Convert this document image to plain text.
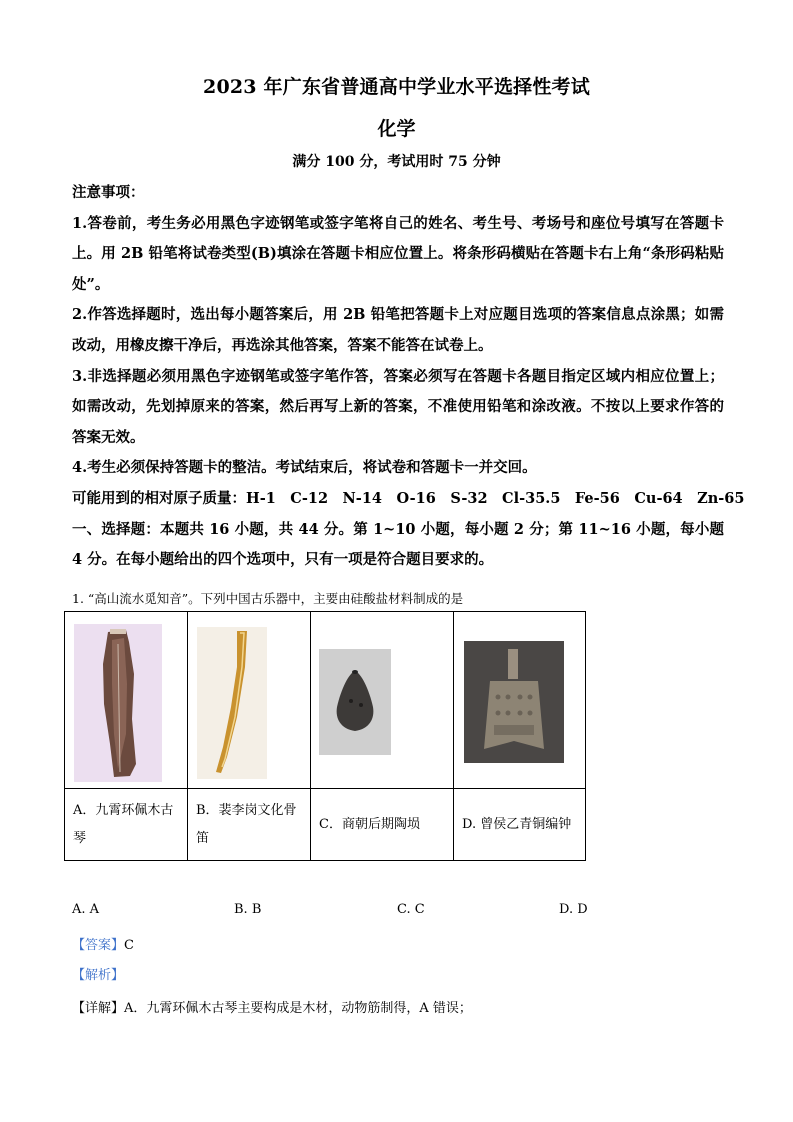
2023 年广东省普通高中学业水平选择性考试
化学
满分 100 分，考试用时 75 分钟

注意事项：

1.答卷前，考生务必用黑色字迹钢笔或签字笔将自己的姓名、考生号、考场号和座位号填写在答题卡上。用 2B 铅笔将试卷类型(B)填涂在答题卡相应位置上。将条形码横贴在答题卡右上角“条形码粘贴处”。

2.作答选择题时，选出每小题答案后，用 2B 铅笔把答题卡上对应题目选项的答案信息点涂黑；如需改动，用橡皮擦干净后，再选涂其他答案，答案不能答在试卷上。

3.非选择题必须用黑色字迹钢笔或签字笔作答，答案必须写在答题卡各题目指定区域内相应位置上；如需改动，先划掉原来的答案，然后再写上新的答案，不准使用铅笔和涂改液。不按以上要求作答的答案无效。

4.考生必须保持答题卡的整洁。考试结束后，将试卷和答题卡一并交回。

可能用到的相对原子质量：H-1　C-12　N-14　O-16　S-32　Cl-35.5　Fe-56　Cu-64　Zn-65

一、选择题：本题共 16 小题，共 44 分。第 1~10 小题，每小题 2 分；第 11~16 小题，每小题 4 分。在每小题给出的四个选项中，只有一项是符合题目要求的。

1. “高山流水觅知音”。下列中国古乐器中，主要由硅酸盐材料制成的是

A．九霄环佩木古琴	B．裴李岗文化骨笛	C．商朝后期陶埙	D. 曾侯乙青铜编钟
A. A	B. B	C. C	D. D
【答案】C
【解析】
【详解】A．九霄环佩木古琴主要构成是木材，动物筋制得，A 错误；
